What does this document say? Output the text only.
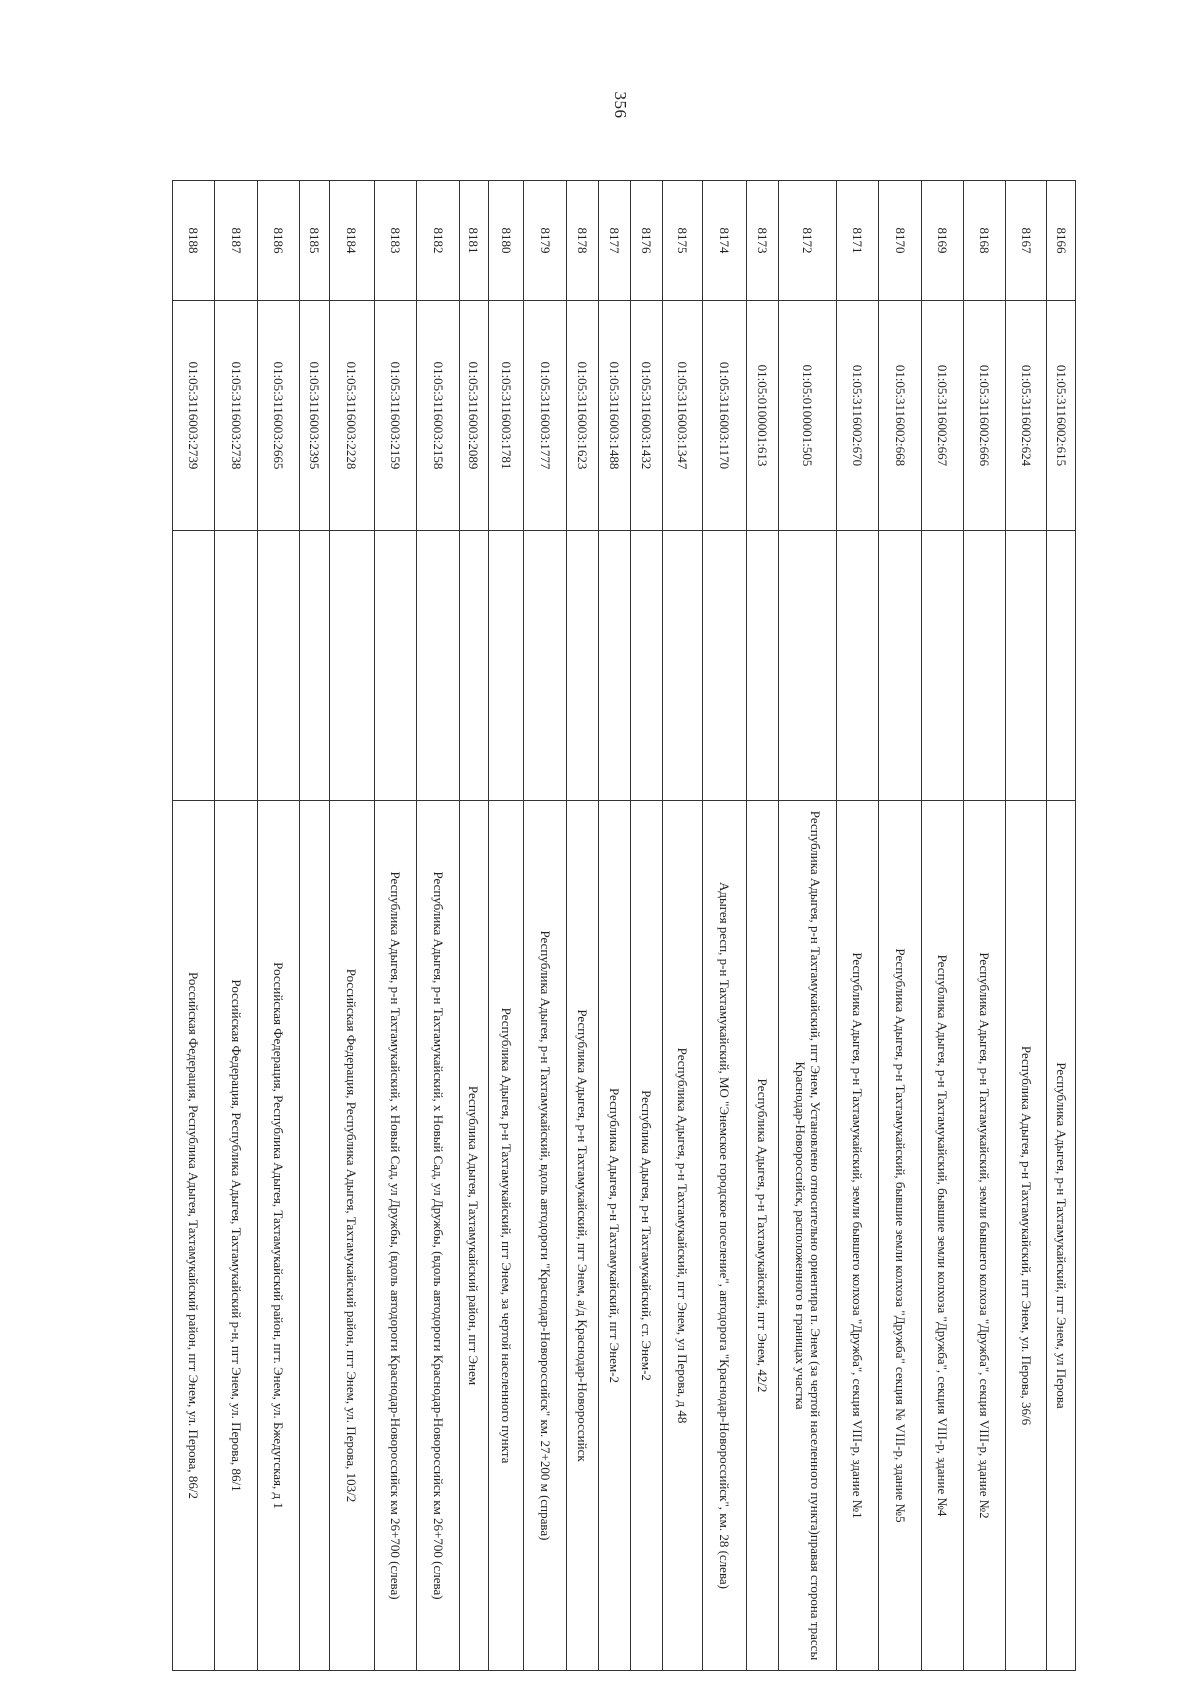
356
8166	01:05:3116002:615		Республика Адыгея, р-н Тахтамукайский, пгт Энем, ул Перова
8167	01:05:3116002:624		Республика Адыгея, р-н Тахтамукайский, пгт Энем, ул. Перова, 36/6
8168	01:05:3116002:666		Республика Адыгея, р-н Тахтамукайский, земли бывшего колхоза "Дружба", секция VIII-р, здание №2
8169	01:05:3116002:667		Республика Адыгея, р-н Тахтамукайский, бывшие земли колхоза "Дружба", секция VIII-р, здание №4
8170	01:05:3116002:668		Республика Адыгея, р-н Тахтамукайский, бывшие земли колхоза "Дружба" секция № VIII-р, здание №5
8171	01:05:3116002:670		Республика Адыгея, р-н Тахтамукайский, земли бывшего колхоза "Дружба", секция VIII-р, здание №1
8172	01:05:0100001:505		Республика Адыгея, р-н Тахтамукайский, пгт Энем, Установлено относительно ориентира п. Энем (за чертой населенного пункта)правая сторона трассы Краснодар-Новороссийск, расположенного в границах участка
8173	01:05:0100001:613		Республика Адыгея, р-н Тахтамукайский, пгт Энем, 42/2
8174	01:05:3116003:1170		Адыгея респ, р-н Тахтамукайский, МО "Энемское городское поселение", автодорога "Краснодар-Новороссийск", км. 28 (слева)
8175	01:05:3116003:1347		Республика Адыгея, р-н Тахтамукайский, пгт Энем, ул Перова, д 48
8176	01:05:3116003:1432		Республика Адыгея, р-н Тахтамукайский, ст. Энем-2
8177	01:05:3116003:1488		Республика Адыгея, р-н Тахтамукайский, пгт Энем-2
8178	01:05:3116003:1623		Республика Адыгея, р-н Тахтамукайский, пгт Энем, а/д Краснодар-Новороссийск
8179	01:05:3116003:1777		Республика Адыгея, р-н Тахтамукайский, вдоль автодороги "Краснодар-Новороссийск" км. 27+200 м (справа)
8180	01:05:3116003:1781		Республика Адыгея, р-н Тахтамукайский, пгт Энем, за чертой населенного пункта
8181	01:05:3116003:2089		Республика Адыгея, Тахтамукайский район, пгт Энем
8182	01:05:3116003:2158		Республика Адыгея, р-н Тахтамукайский, х Новый Сад, ул Дружбы, (вдоль автодороги Краснодар-Новороссийск км 26+700 (слева)
8183	01:05:3116003:2159		Республика Адыгея, р-н Тахтамукайский, х Новый Сад, ул Дружбы, (вдоль автодороги Краснодар-Новороссийск км 26+700 (слева)
8184	01:05:3116003:2228		Российская Федерация, Республика Адыгея, Тахтамукайский район, пгт Энем, ул. Перова, 103/2
8185	01:05:3116003:2395		
8186	01:05:3116003:2665		Российская Федерация, Республика Адыгея, Тахтамукайский район, пгт. Энем, ул. Бжедугская, д 1
8187	01:05:3116003:2738		Российская Федерация, Республика Адыгея, Тахтамукайский р-н, пгт Энем, ул. Перова, 86/1
8188	01:05:3116003:2739		Российская Федерация, Республика Адыгея, Тахтамукайский район, пгт Энем, ул. Перова, 86/2
